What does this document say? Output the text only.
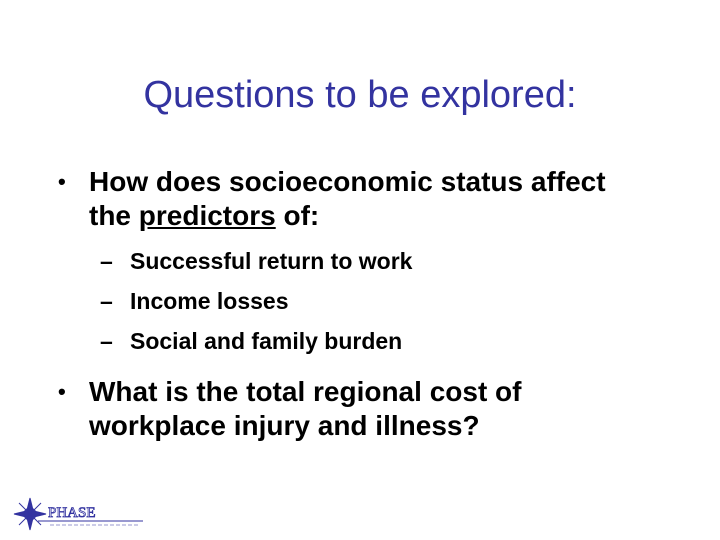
Questions to be explored:
• How does socioeconomic status affect the predictors of:
– Successful return to work
– Income losses
– Social and family burden
• What is the total regional cost of workplace injury and illness?
PHASE
